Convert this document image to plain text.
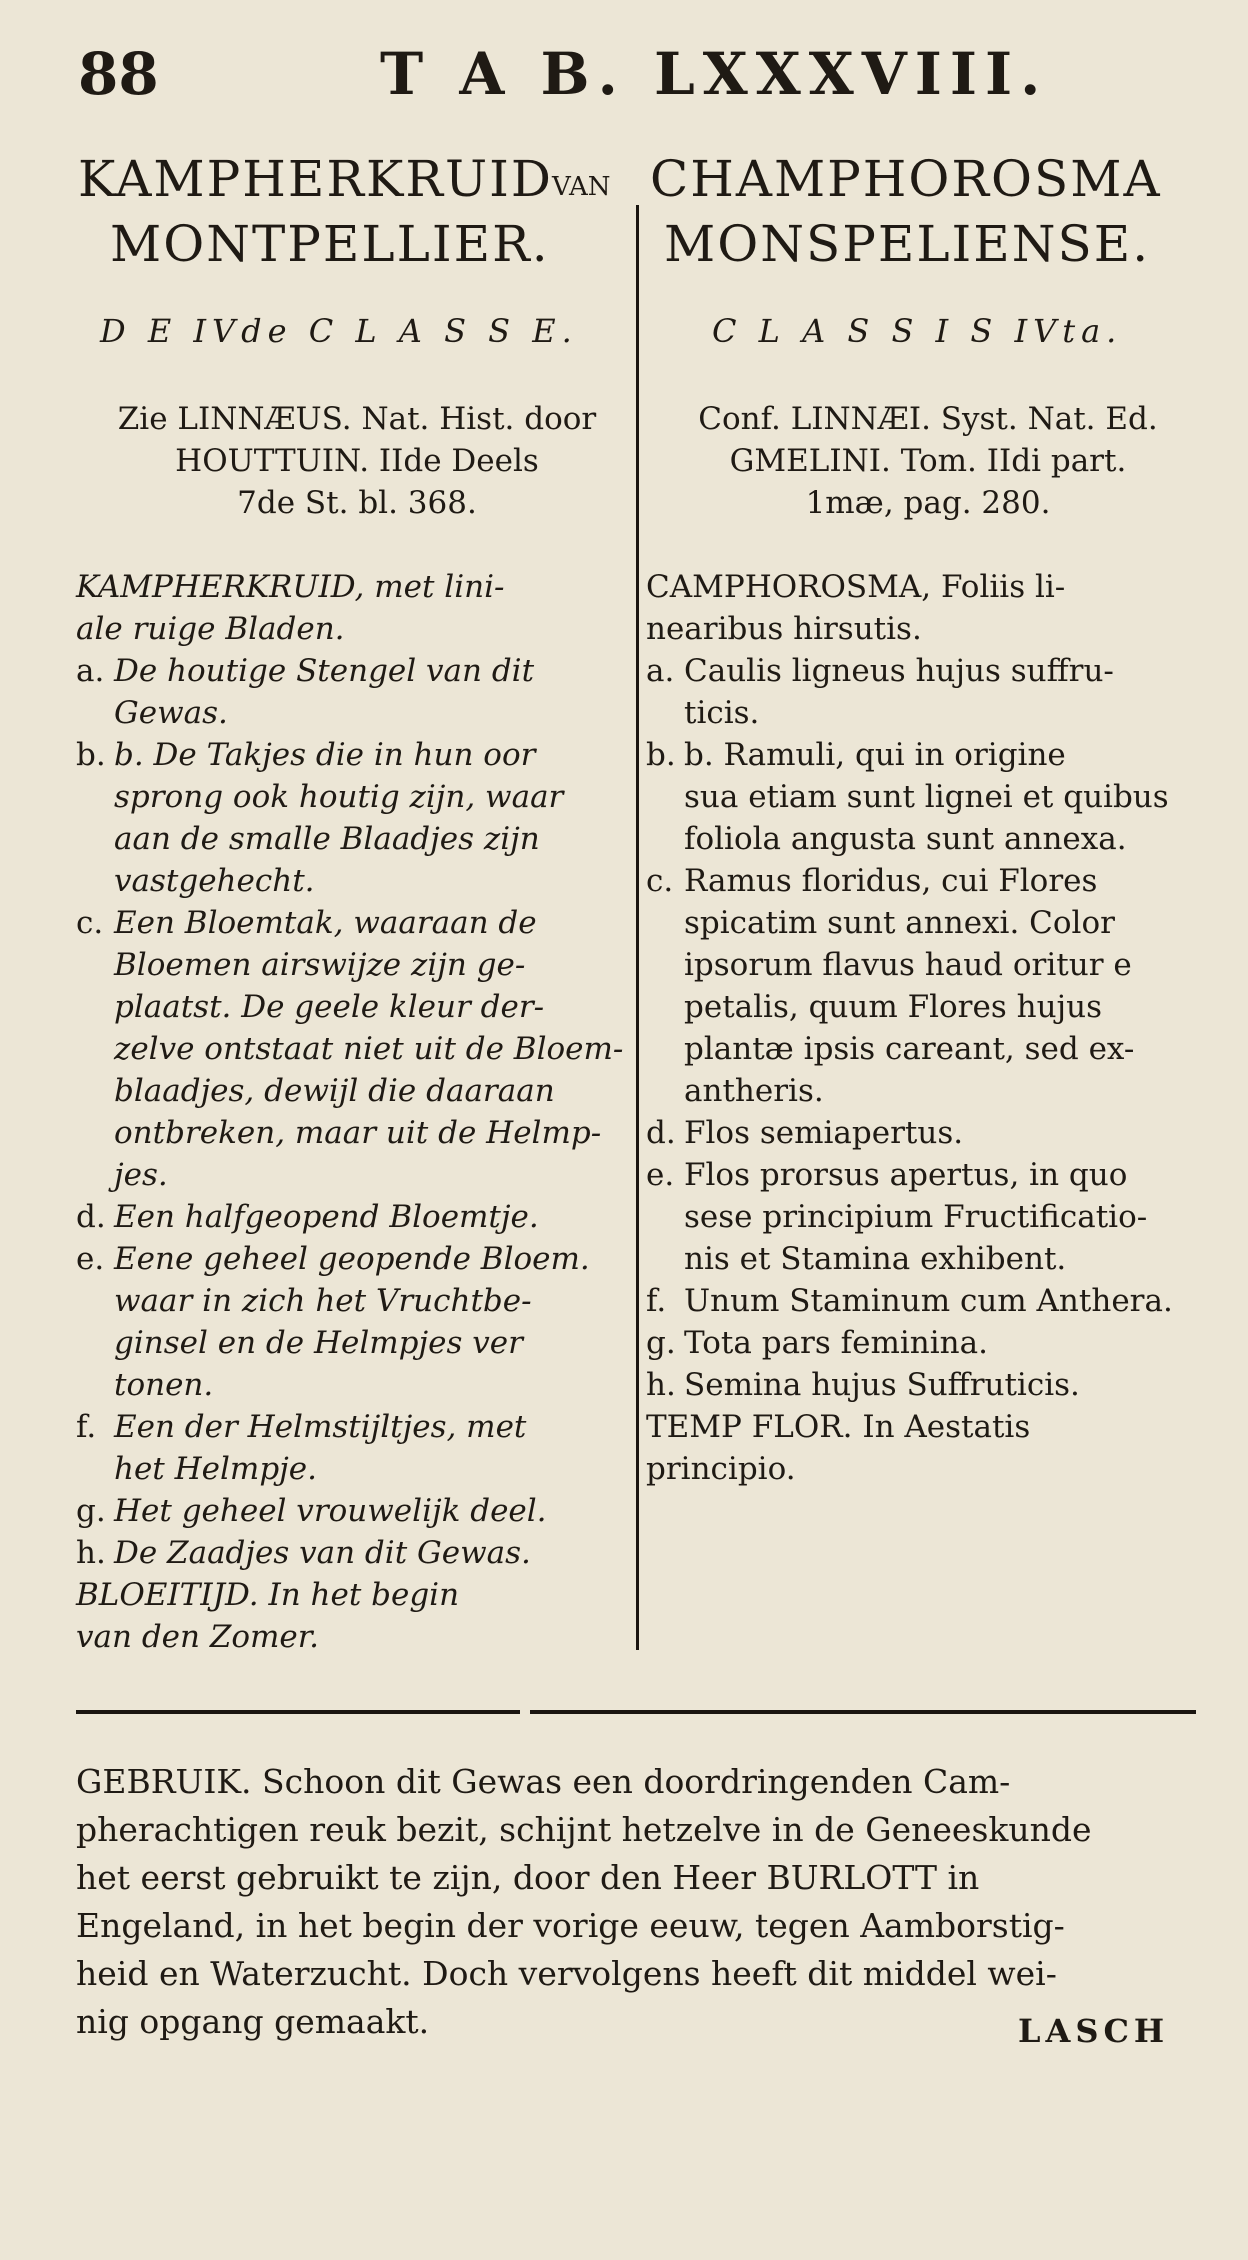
88	T A B. LXXXVIII.
KAMPHERKRUID
VAN CHAMPHOROSMA
MONTPELLIER. MONSPELIENSE.
D E IVde C L A S S E.	C L A S S I S IVta.
Zie LINNÆUS. Nat. Hist. door
HOUTTUIN. IIde Deels
7de St. bl. 368.
Conf. LINNÆI. Syst. Nat. Ed.
GMELINI. Tom. IIdi part.
1mæ, pag. 280.
KAMPHERKRUID, met lini-
ale ruige Bladen.
a. De houtige Stengel van dit
Gewas.
b. b. De Takjes die in hun oor
sprong ook houtig zijn, waar
aan de smalle Blaadjes zijn
vastgehecht.
c. Een Bloemtak, waaraan de
Bloemen airswijze zijn ge-
plaatst. De geele kleur der-
zelve ontstaat niet uit de Bloem-
blaadjes, dewijl die daaraan
ontbreken, maar uit de Helmp-
jes.
d. Een halfgeopend Bloemtje.
e. Eene geheel geopende Bloem.
waar in zich het Vruchtbe-
ginsel en de Helmpjes ver
tonen.
f. Een der Helmstijltjes, met
het Helmpje.
g. Het geheel vrouwelijk deel.
h. De Zaadjes van dit Gewas.
BLOEITIJD. In het begin
van den Zomer.
CAMPHOROSMA, Foliis li-
nearibus hirsutis.
a. Caulis ligneus hujus suffru-
ticis.
b. b. Ramuli, qui in origine
sua etiam sunt lignei et quibus
foliola angusta sunt annexa.
c. Ramus floridus, cui Flores
spicatim sunt annexi. Color
ipsorum flavus haud oritur e
petalis, quum Flores hujus
plantæ ipsis careant, sed ex-
antheris.
d. Flos semiapertus.
e. Flos prorsus apertus, in quo
sese principium Fructificatio-
nis et Stamina exhibent.
f. Unum Staminum cum Anthera.
g. Tota pars feminina.
h. Semina hujus Suffruticis.
TEMP FLOR. In Aestatis
principio.
GEBRUIK. Schoon dit Gewas een doordringenden Cam-
pherachtigen reuk bezit, schijnt hetzelve in de Geneeskunde
het eerst gebruikt te zijn, door den Heer BURLOTT in
Engeland, in het begin der vorige eeuw, tegen Aamborstig-
heid en Waterzucht. Doch vervolgens heeft dit middel wei-
nig opgang gemaakt.	LASCH
